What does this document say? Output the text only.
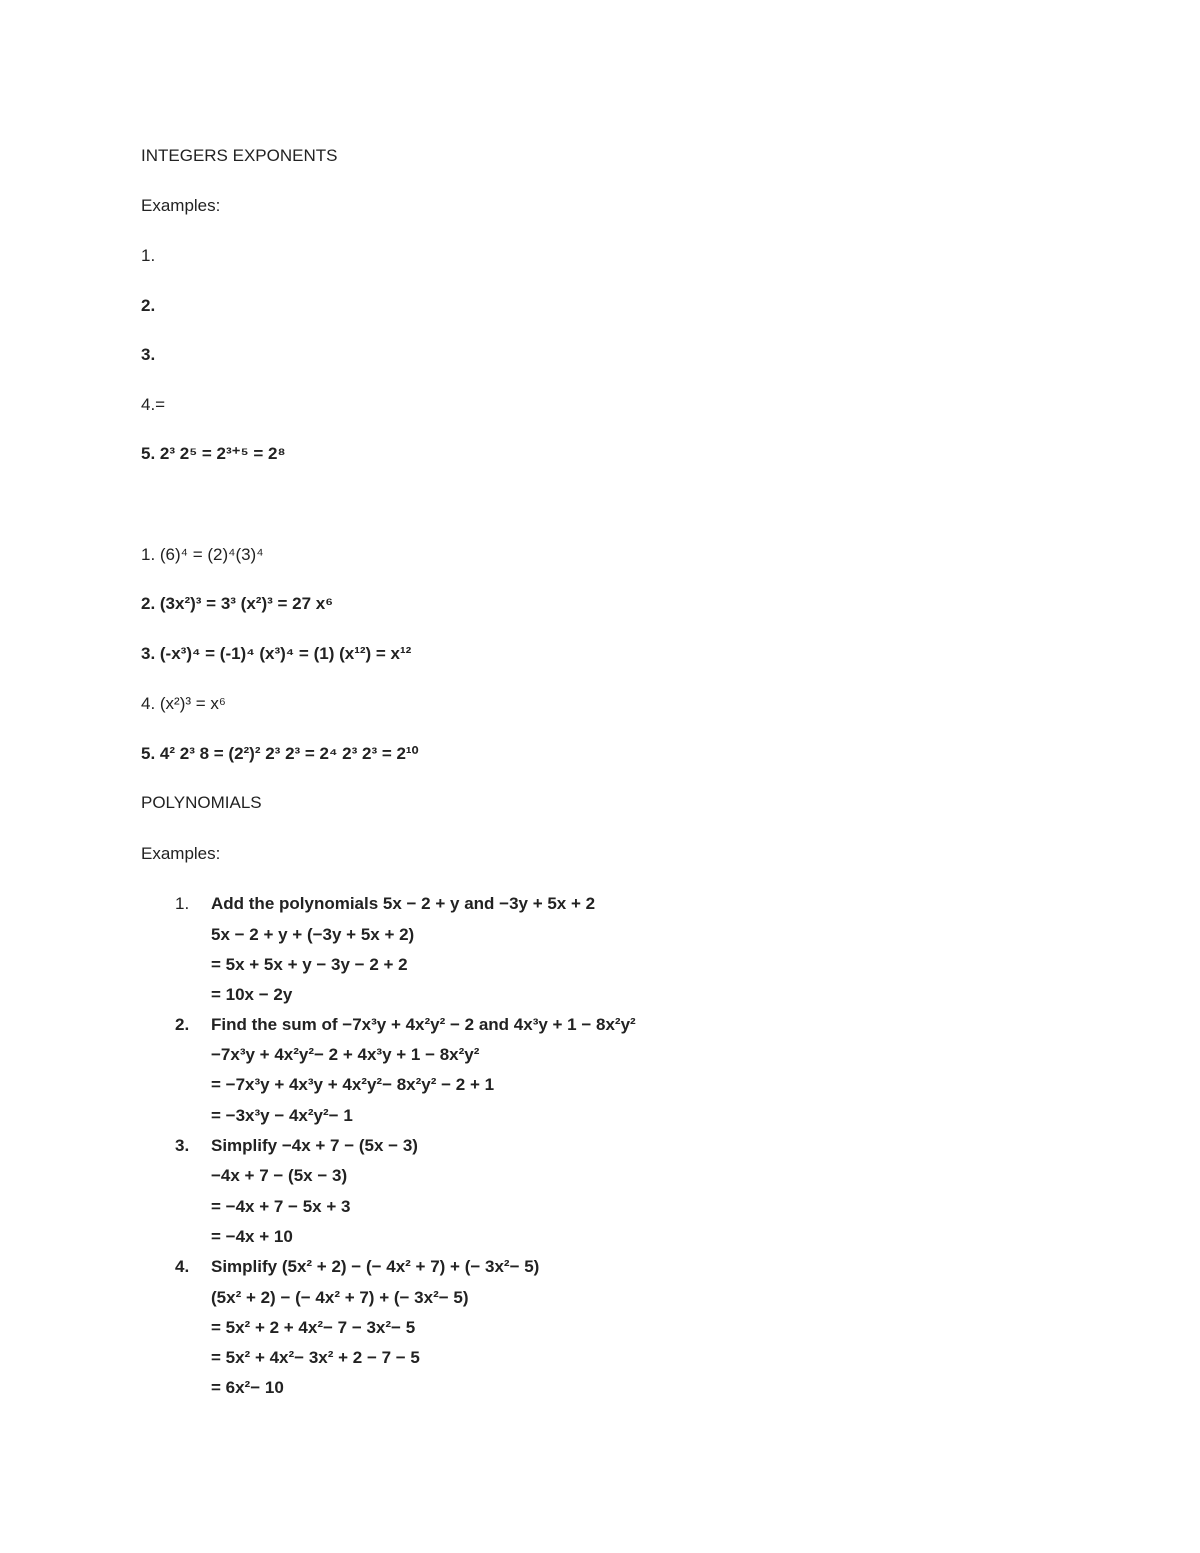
INTEGERS EXPONENTS
Examples:
1.
2.
3.
4.=
5. 2³ 2⁵ = 2³⁺⁵ = 2⁸
1. (6)⁴ = (2)⁴(3)⁴
2. (3x²)³ = 3³ (x²)³ = 27 x⁶
3. (-x³)⁴ = (-1)⁴ (x³)⁴ = (1) (x¹²) = x¹²
4. (x²)³ = x⁶
5. 4² 2³ 8 = (2²)² 2³ 2³ = 2⁴ 2³ 2³ = 2¹⁰
POLYNOMIALS
Examples:
1. Add the polynomials 5x − 2 + y and −3y + 5x + 2
5x − 2 + y + (−3y + 5x + 2)
= 5x + 5x + y − 3y − 2 + 2
= 10x − 2y
2. Find the sum of −7x³y + 4x²y² − 2 and 4x³y + 1 − 8x²y²
−7x³y + 4x²y²− 2 + 4x³y + 1 − 8x²y²
= −7x³y + 4x³y + 4x²y²− 8x²y² − 2 + 1
= −3x³y − 4x²y²− 1
3. Simplify −4x + 7 − (5x − 3)
−4x + 7 − (5x − 3)
= −4x + 7 − 5x + 3
= −4x + 10
4. Simplify (5x² + 2) − (− 4x² + 7) + (− 3x²− 5)
(5x² + 2) − (− 4x² + 7) + (− 3x²− 5)
= 5x² + 2 + 4x²− 7 − 3x²− 5
= 5x² + 4x²− 3x² + 2 − 7 − 5
= 6x²− 10
